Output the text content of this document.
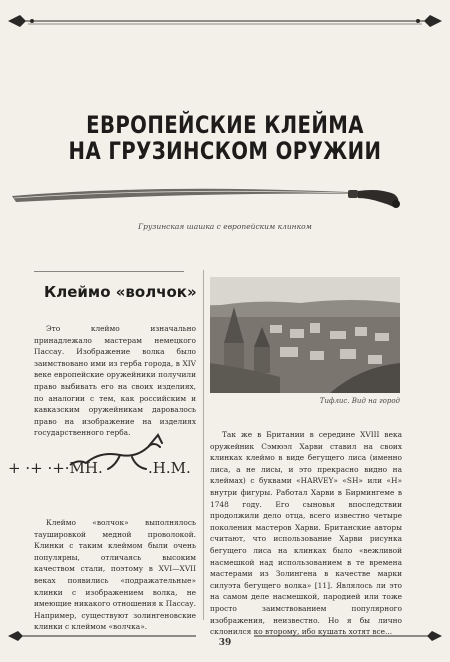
ЕВРОПЕЙСКИЕ КЛЕЙМА
НА ГРУЗИНСКОМ ОРУЖИИ
Грузинская шашка с европейским клинком
Клеймо «волчок»

Это клеймо изначально принадлежало мастерам немецкого Пассау. Изображение волка было заимствовано ими из герба города, в XIV веке европейские оружейники получили право выбивать его на своих изделиях, по аналогии с тем, как российским и кавказским оружейникам даровалось право на изображение на изделиях государственного герба.

+ ·+ ·+·МН.	.Н.М.

Клеймо «волчок» выполнялось таушировкой медной проволокой. Клинки с таким клеймом были очень популярны, отличаясь высоким качеством стали, поэтому в XVI—XVII веках появились «подражательные» клинки с изображением волка, не имеющие никакого отношения к Пассау. Например, существуют золингеновские клинки с клеймом «волчка».

Тифлис. Вид на город

Так же в Британии в середине XVIII века оружейник Сэмюэл Харви ставил на своих клинках клеймо в виде бегущего лиса (именно лиса, а не лисы, и это прекрасно видно на клеймах) с буквами «HARVEY» «SH» или «H» внутри фигуры. Работал Харви в Бирмингеме в 1748 году. Его сыновья впоследствии продолжили дело отца, всего известно четыре поколения мастеров Харви. Британские авторы считают, что использование Харви рисунка бегущего лиса на клинках было «вежливой насмешкой над использованием в те времена мастерами из Золингена в качестве марки силуэта бегущего волка» [11]. Являлось ли это на самом деле насмешкой, пародией или тоже просто заимствованием популярного изображения, неизвестно. Но я бы лично склонился ко второму, ибо кушать хотят все...

39
